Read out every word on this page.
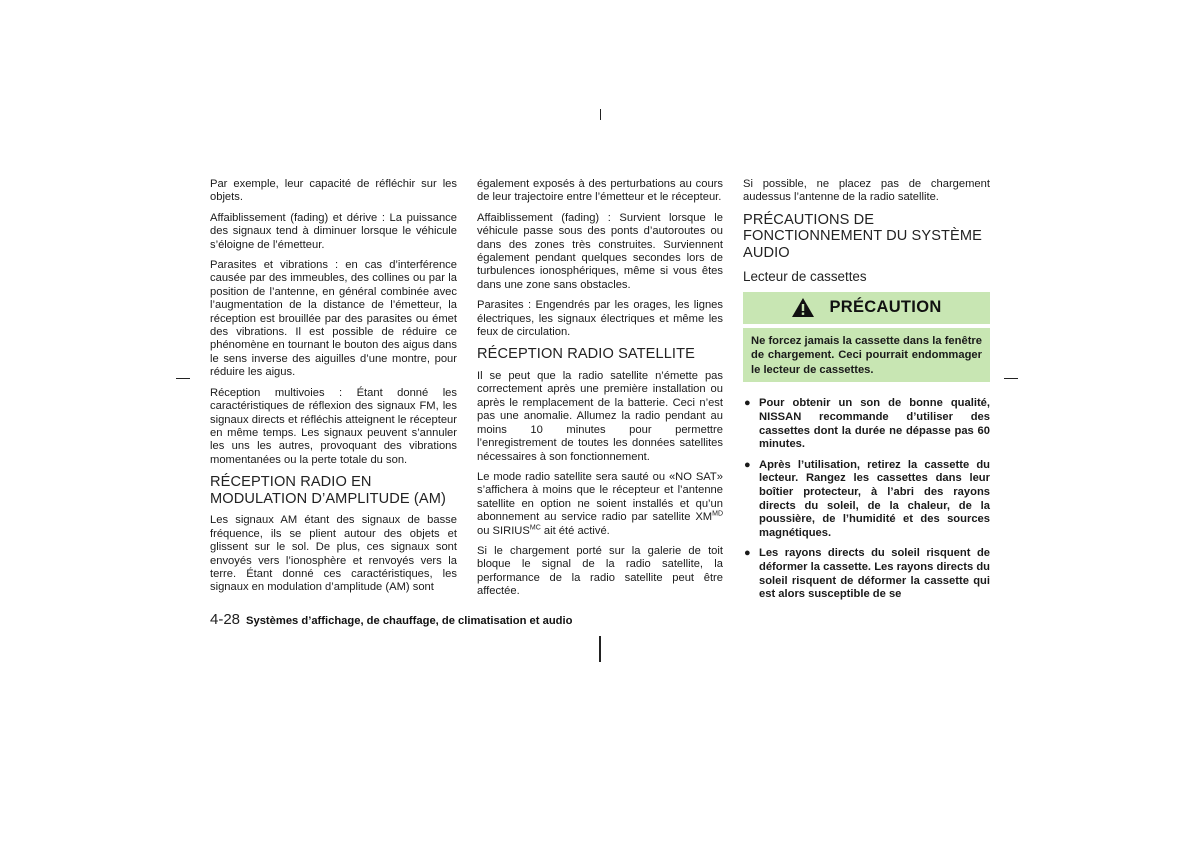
Par exemple, leur capacité de réfléchir sur les objets.

Affaiblissement (fading) et dérive : La puissance des signaux tend à diminuer lorsque le véhicule s’éloigne de l’émetteur.

Parasites et vibrations : en cas d’interférence causée par des immeubles, des collines ou par la position de l’antenne, en général combinée avec l’augmentation de la distance de l’émetteur, la réception est brouillée par des parasites ou émet des vibrations. Il est possible de réduire ce phénomène en tournant le bouton des aigus dans le sens inverse des aiguilles d’une montre, pour réduire les aigus.

Réception multivoies : Étant donné les caractéristiques de réflexion des signaux FM, les signaux directs et réfléchis atteignent le récepteur en même temps. Les signaux peuvent s’annuler les uns les autres, provoquant des vibrations momentanées ou la perte totale du son.

RÉCEPTION RADIO EN MODULATION D’AMPLITUDE (AM)

Les signaux AM étant des signaux de basse fréquence, ils se plient autour des objets et glissent sur le sol. De plus, ces signaux sont envoyés vers l’ionosphère et renvoyés vers la terre. Étant donné ces caractéristiques, les signaux en modulation d’amplitude (AM) sont

également exposés à des perturbations au cours de leur trajectoire entre l’émetteur et le récepteur.

Affaiblissement (fading) : Survient lorsque le véhicule passe sous des ponts d’autoroutes ou dans des zones très construites. Surviennent également pendant quelques secondes lors de turbulences ionosphériques, même si vous êtes dans une zone sans obstacles.

Parasites : Engendrés par les orages, les lignes électriques, les signaux électriques et même les feux de circulation.

RÉCEPTION RADIO SATELLITE

Il se peut que la radio satellite n’émette pas correctement après une première installation ou après le remplacement de la batterie. Ceci n’est pas une anomalie. Allumez la radio pendant au moins 10 minutes pour permettre l’enregistrement de toutes les données satellites nécessaires à son fonctionnement.

Le mode radio satellite sera sauté ou «NO SAT» s’affichera à moins que le récepteur et l’antenne satellite en option ne soient installés et qu’un abonnement au service radio par satellite $XM^{MD}$ ou $SIRIUS^{MC}$ ait été activé.

Si le chargement porté sur la galerie de toit bloque le signal de la radio satellite, la performance de la radio satellite peut être affectée.

Si possible, ne placez pas de chargement audessus l’antenne de la radio satellite.

PRÉCAUTIONS DE FONCTIONNEMENT DU SYSTÈME AUDIO
Lecteur de cassettes
PRÉCAUTION
Ne forcez jamais la cassette dans la fenêtre de chargement. Ceci pourrait endommager le lecteur de cassettes.
● Pour obtenir un son de bonne qualité, NISSAN recommande d’utiliser des cassettes dont la durée ne dépasse pas 60 minutes.
● Après l’utilisation, retirez la cassette du lecteur. Rangez les cassettes dans leur boîtier protecteur, à l’abri des rayons directs du soleil, de la chaleur, de la poussière, de l’humidité et des sources magnétiques.
● Les rayons directs du soleil risquent de déformer la cassette. Les rayons directs du soleil risquent de déformer la cassette qui est alors susceptible de se
4-28 Systèmes d’affichage, de chauffage, de climatisation et audio
